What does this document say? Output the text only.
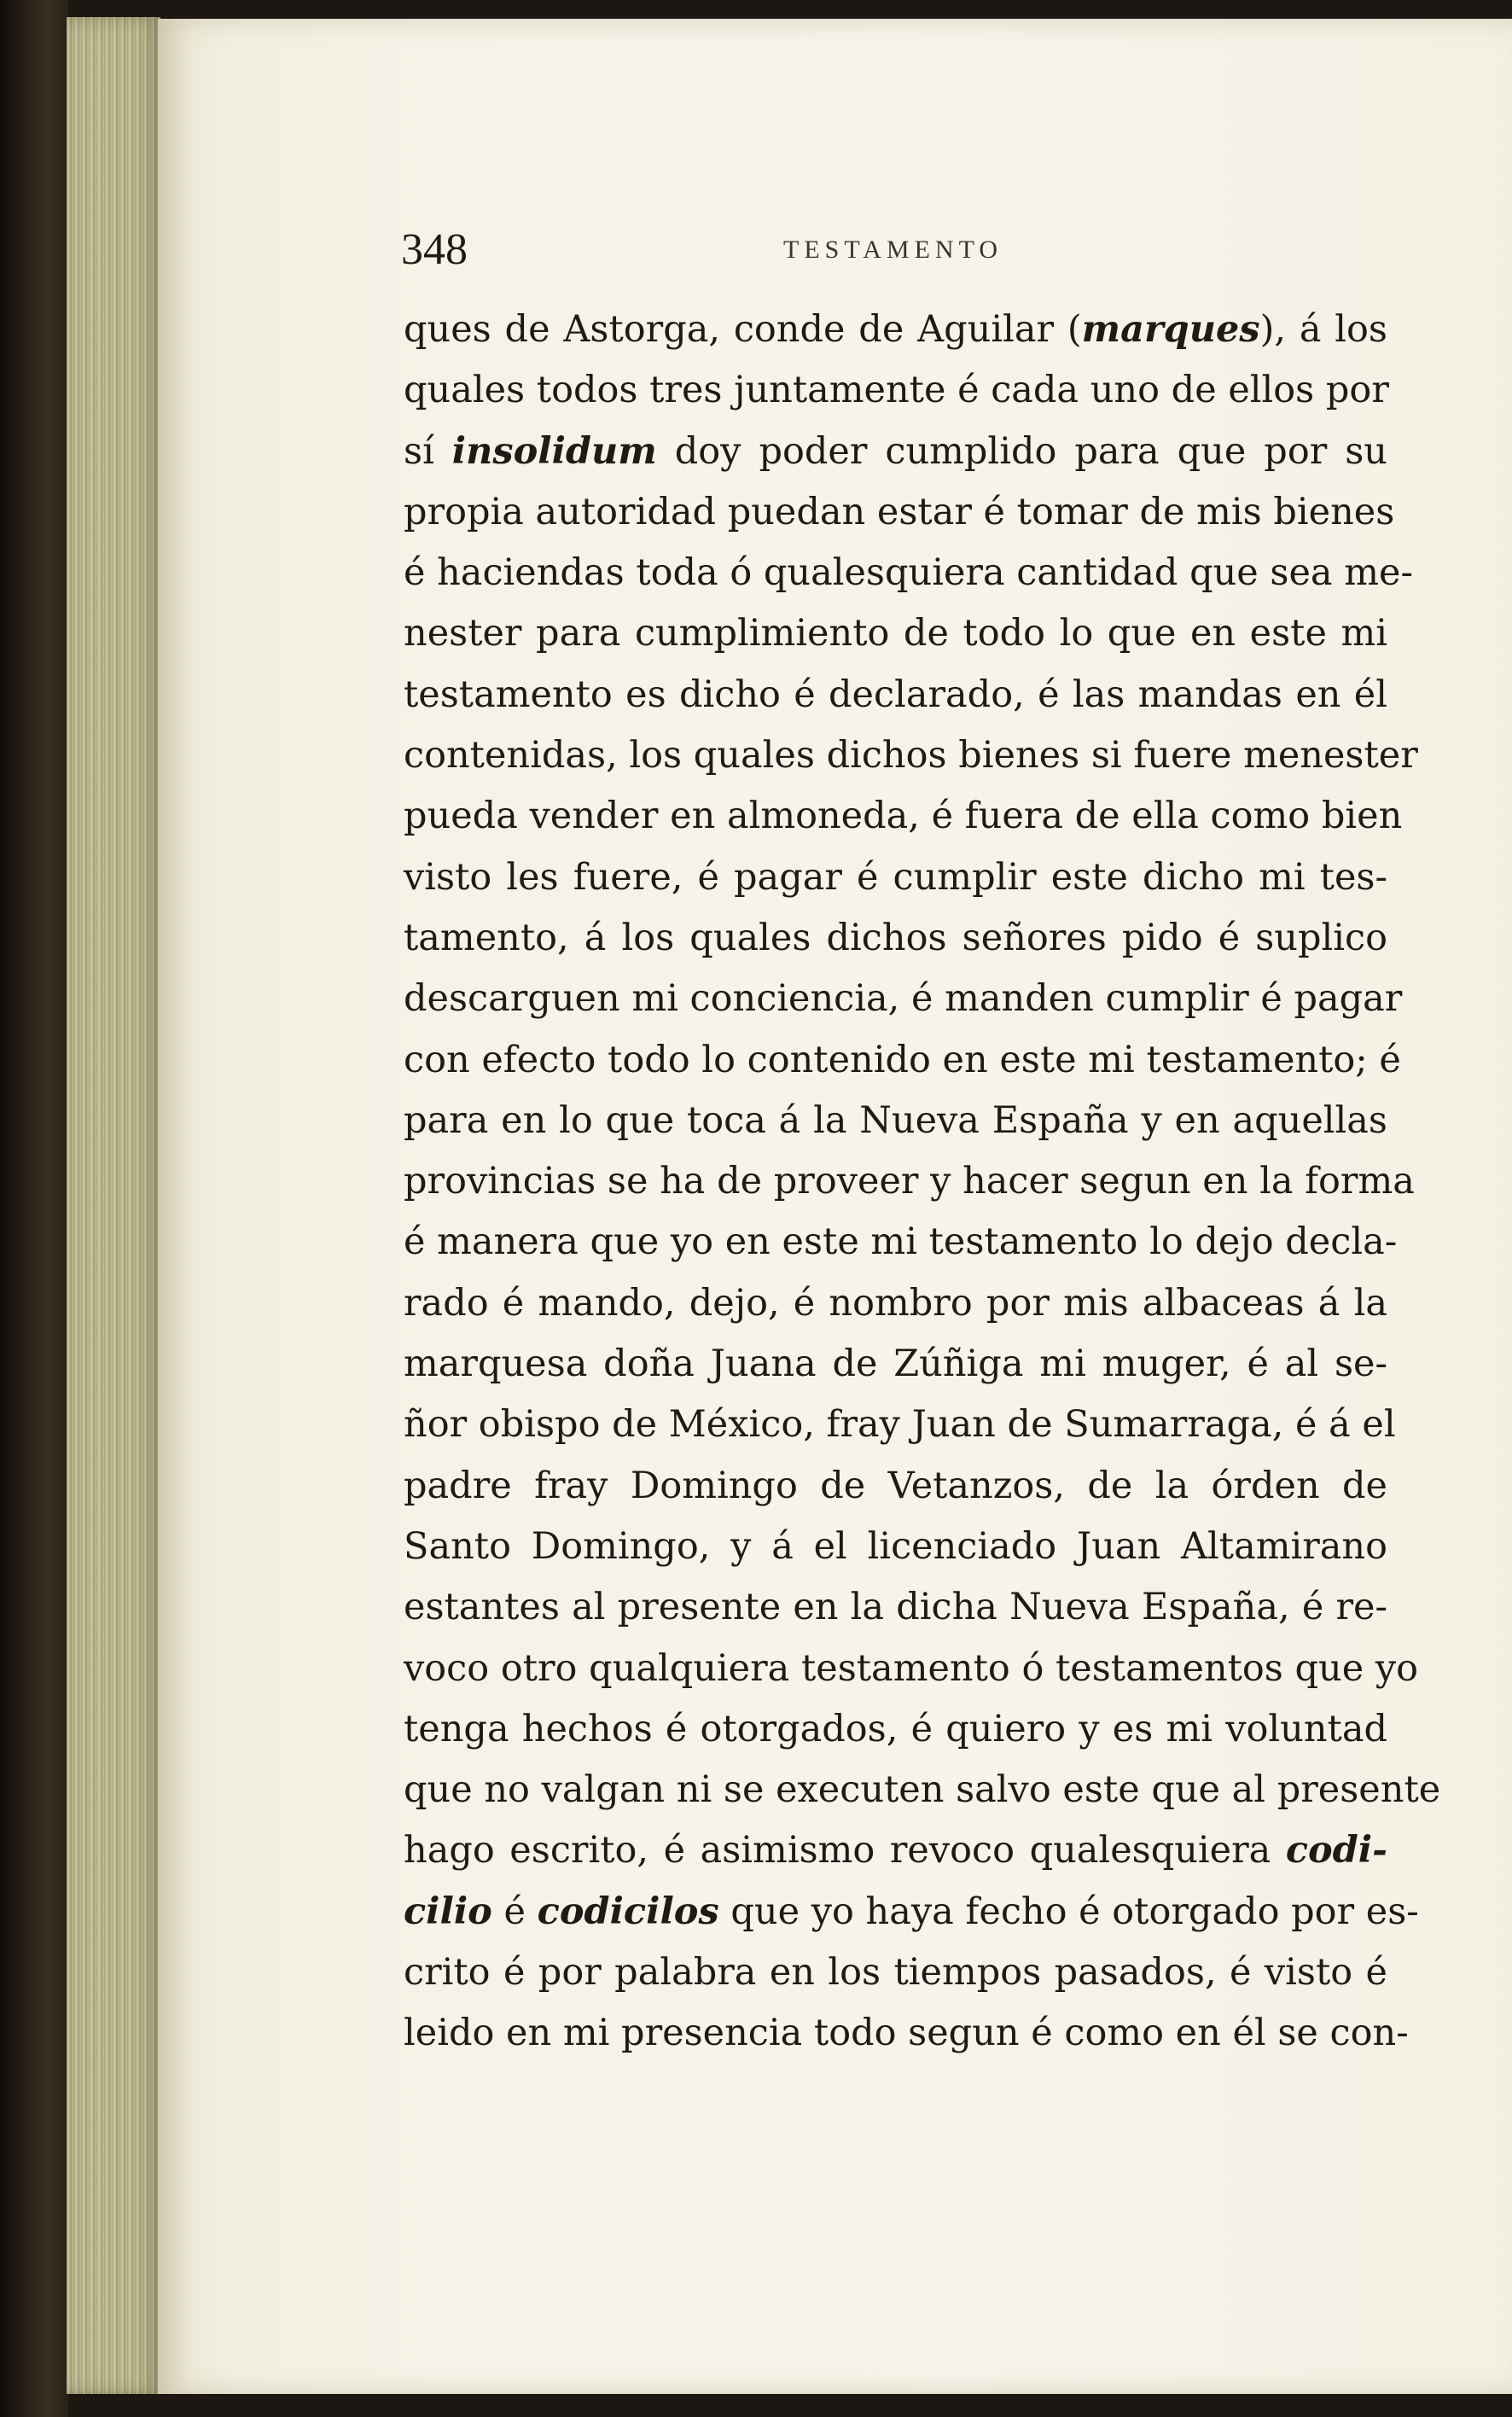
348	TESTAMENTO
ques de Astorga, conde de Aguilar (marques), á los
quales todos tres juntamente é cada uno de ellos por
sí insolidum doy poder cumplido para que por su
propia autoridad puedan estar é tomar de mis bienes
é haciendas toda ó qualesquiera cantidad que sea me-
nester para cumplimiento de todo lo que en este mi
testamento es dicho é declarado, é las mandas en él
contenidas, los quales dichos bienes si fuere menester
pueda vender en almoneda, é fuera de ella como bien
visto les fuere, é pagar é cumplir este dicho mi tes-
tamento, á los quales dichos señores pido é suplico
descarguen mi conciencia, é manden cumplir é pagar
con efecto todo lo contenido en este mi testamento; é
para en lo que toca á la Nueva España y en aquellas
provincias se ha de proveer y hacer segun en la forma
é manera que yo en este mi testamento lo dejo decla-
rado é mando, dejo, é nombro por mis albaceas á la
marquesa doña Juana de Zúñiga mi muger, é al se-
ñor obispo de México, fray Juan de Sumarraga, é á el
padre fray Domingo de Vetanzos, de la órden de
Santo Domingo, y á el licenciado Juan Altamirano
estantes al presente en la dicha Nueva España, é re-
voco otro qualquiera testamento ó testamentos que yo
tenga hechos é otorgados, é quiero y es mi voluntad
que no valgan ni se executen salvo este que al presente
hago escrito, é asimismo revoco qualesquiera codi-
cilio é codicilos que yo haya fecho é otorgado por es-
crito é por palabra en los tiempos pasados, é visto é
leido en mi presencia todo segun é como en él se con-
